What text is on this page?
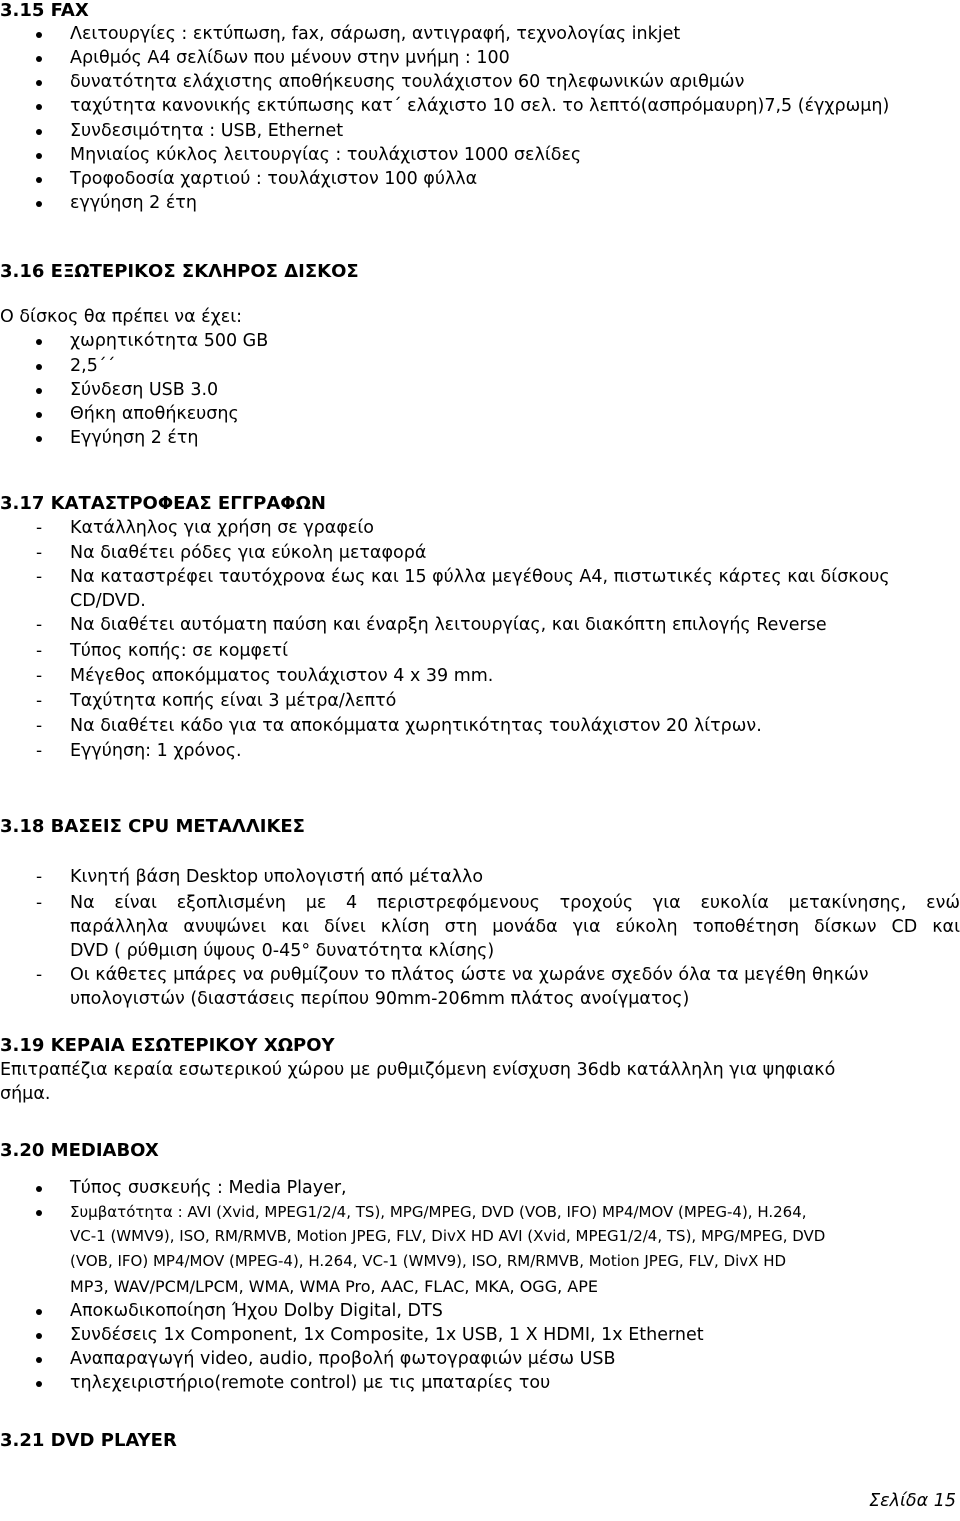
3.15 FAX
Λειτουργίες : εκτύπωση, fax, σάρωση, αντιγραφή, τεχνολογίας inkjet
Αριθμός Α4 σελίδων που μένουν στην μνήμη : 100
δυνατότητα ελάχιστης αποθήκευσης τουλάχιστον 60 τηλεφωνικών αριθμών
ταχύτητα κανονικής εκτύπωσης κατ΄ ελάχιστο 10 σελ. το λεπτό(ασπρόμαυρη)7,5 (έγχρωμη)
Συνδεσιμότητα : USB, Ethernet
Μηνιαίος κύκλος λειτουργίας : τουλάχιστον 1000 σελίδες
Τροφοδοσία χαρτιού : τουλάχιστον 100 φύλλα
εγγύηση 2 έτη
3.16 ΕΞΩΤΕΡΙΚΟΣ ΣΚΛΗΡΟΣ ΔΙΣΚΟΣ
Ο δίσκος θα πρέπει να έχει:
χωρητικότητα 500 GB
2,5΄΄
Σύνδεση USB 3.0
Θήκη αποθήκευσης
Εγγύηση 2 έτη
3.17 ΚΑΤΑΣΤΡΟΦΕΑΣ ΕΓΓΡΑΦΩΝ
- Κατάλληλος για χρήση σε γραφείο
- Να διαθέτει ρόδες για εύκολη μεταφορά
- Να καταστρέφει ταυτόχρονα έως και 15 φύλλα μεγέθους Α4, πιστωτικές κάρτες και δίσκους
CD/DVD.
- Να διαθέτει αυτόματη παύση και έναρξη λειτουργίας, και διακόπτη επιλογής Reverse
- Τύπος κοπής: σε κομφετί
- Μέγεθος αποκόμματος τουλάχιστον 4 x 39 mm.
- Ταχύτητα κοπής είναι 3 μέτρα/λεπτό
- Να διαθέτει κάδο για τα αποκόμματα χωρητικότητας τουλάχιστον 20 λίτρων.
- Εγγύηση: 1 χρόνος.
3.18 ΒΑΣΕΙΣ CPU ΜΕΤΑΛΛΙΚΕΣ
- Κινητή βάση Desktop υπολογιστή από μέταλλο
- Να είναι εξοπλισμένη με 4 περιστρεφόμενους τροχούς για ευκολία μετακίνησης, ενώ
παράλληλα ανυψώνει και δίνει κλίση στη μονάδα για εύκολη τοποθέτηση δίσκων CD και
DVD ( ρύθμιση ύψους 0-45° δυνατότητα κλίσης)
- Οι κάθετες μπάρες να ρυθμίζουν το πλάτος ώστε να χωράνε σχεδόν όλα τα μεγέθη θηκών
υπολογιστών (διαστάσεις περίπου 90mm-206mm πλάτος ανοίγματος)
3.19 ΚΕΡΑΙΑ ΕΣΩΤΕΡΙΚΟΥ ΧΩΡΟΥ
Επιτραπέζια κεραία εσωτερικού χώρου με ρυθμιζόμενη ενίσχυση 36db κατάλληλη για ψηφιακό
σήμα.
3.20 MEDIABOX
Τύπος συσκευής : Media Player,
Συμβατότητα : AVI (Xvid, MPEG1/2/4, TS), MPG/MPEG, DVD (VOB, IFO) MP4/MOV (MPEG-4), H.264,
VC-1 (WMV9), ISO, RM/RMVB, Motion JPEG, FLV, DivX HD AVI (Xvid, MPEG1/2/4, TS), MPG/MPEG, DVD
(VOB, IFO) MP4/MOV (MPEG-4), H.264, VC-1 (WMV9), ISO, RM/RMVB, Motion JPEG, FLV, DivX HD
MP3, WAV/PCM/LPCM, WMA, WMA Pro, AAC, FLAC, MKA, OGG, APE
Αποκωδικοποίηση Ήχου Dolby Digital, DTS
Συνδέσεις 1x Component, 1x Composite, 1x USB, 1 X HDMI, 1x Ethernet
Αναπαραγωγή video, audio, προβολή φωτογραφιών μέσω USB
τηλεχειριστήριο(remote control) με τις μπαταρίες του
3.21 DVD PLAYER
Σελίδα 15
